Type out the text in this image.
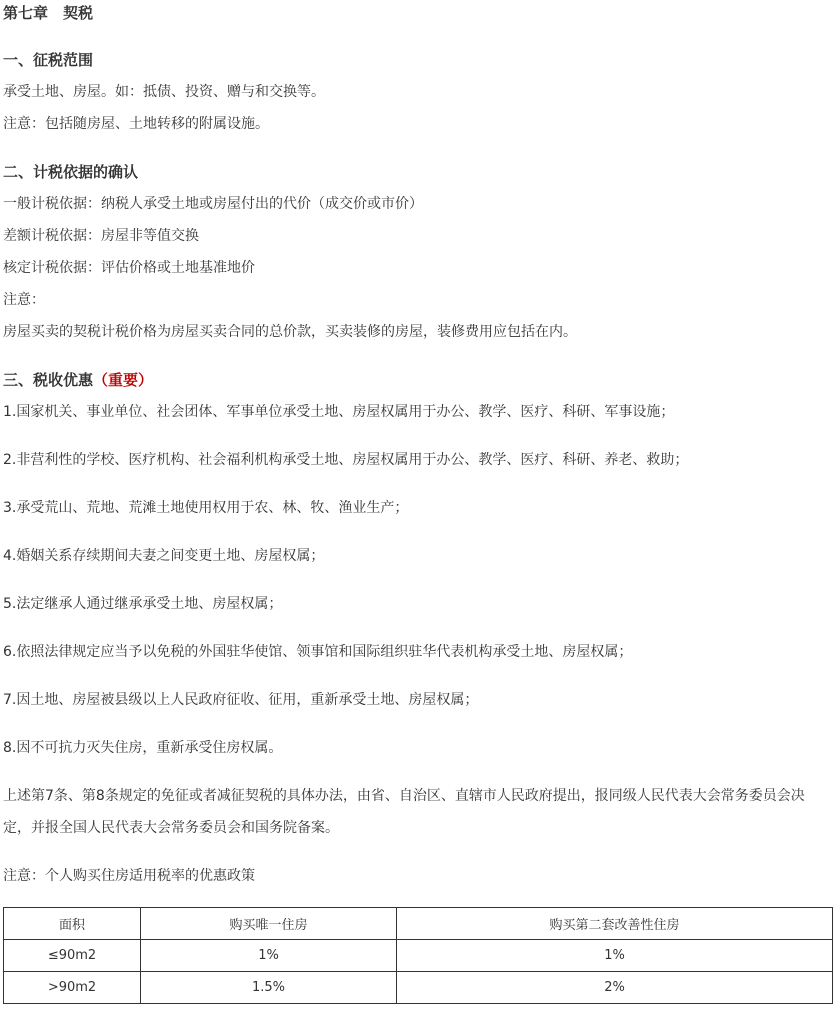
第七章　契税
一、征税范围
承受土地、房屋。如：抵债、投资、赠与和交换等。
注意：包括随房屋、土地转移的附属设施。
二、计税依据的确认
一般计税依据：纳税人承受土地或房屋付出的代价（成交价或市价）
差额计税依据：房屋非等值交换
核定计税依据：评估价格或土地基准地价
注意：
房屋买卖的契税计税价格为房屋买卖合同的总价款，买卖装修的房屋，装修费用应包括在内。
三、税收优惠（重要）
1.国家机关、事业单位、社会团体、军事单位承受土地、房屋权属用于办公、教学、医疗、科研、军事设施；
2.非营利性的学校、医疗机构、社会福利机构承受土地、房屋权属用于办公、教学、医疗、科研、养老、救助；
3.承受荒山、荒地、荒滩土地使用权用于农、林、牧、渔业生产；
4.婚姻关系存续期间夫妻之间变更土地、房屋权属；
5.法定继承人通过继承承受土地、房屋权属；
6.依照法律规定应当予以免税的外国驻华使馆、领事馆和国际组织驻华代表机构承受土地、房屋权属；
7.因土地、房屋被县级以上人民政府征收、征用，重新承受土地、房屋权属；
8.因不可抗力灭失住房，重新承受住房权属。
上述第7条、第8条规定的免征或者减征契税的具体办法，由省、自治区、直辖市人民政府提出，报同级人民代表大会常务委员会决定，并报全国人民代表大会常务委员会和国务院备案。
注意：个人购买住房适用税率的优惠政策
面积	购买唯一住房	购买第二套改善性住房
≤90m2	1%	1%
>90m2	1.5%	2%
